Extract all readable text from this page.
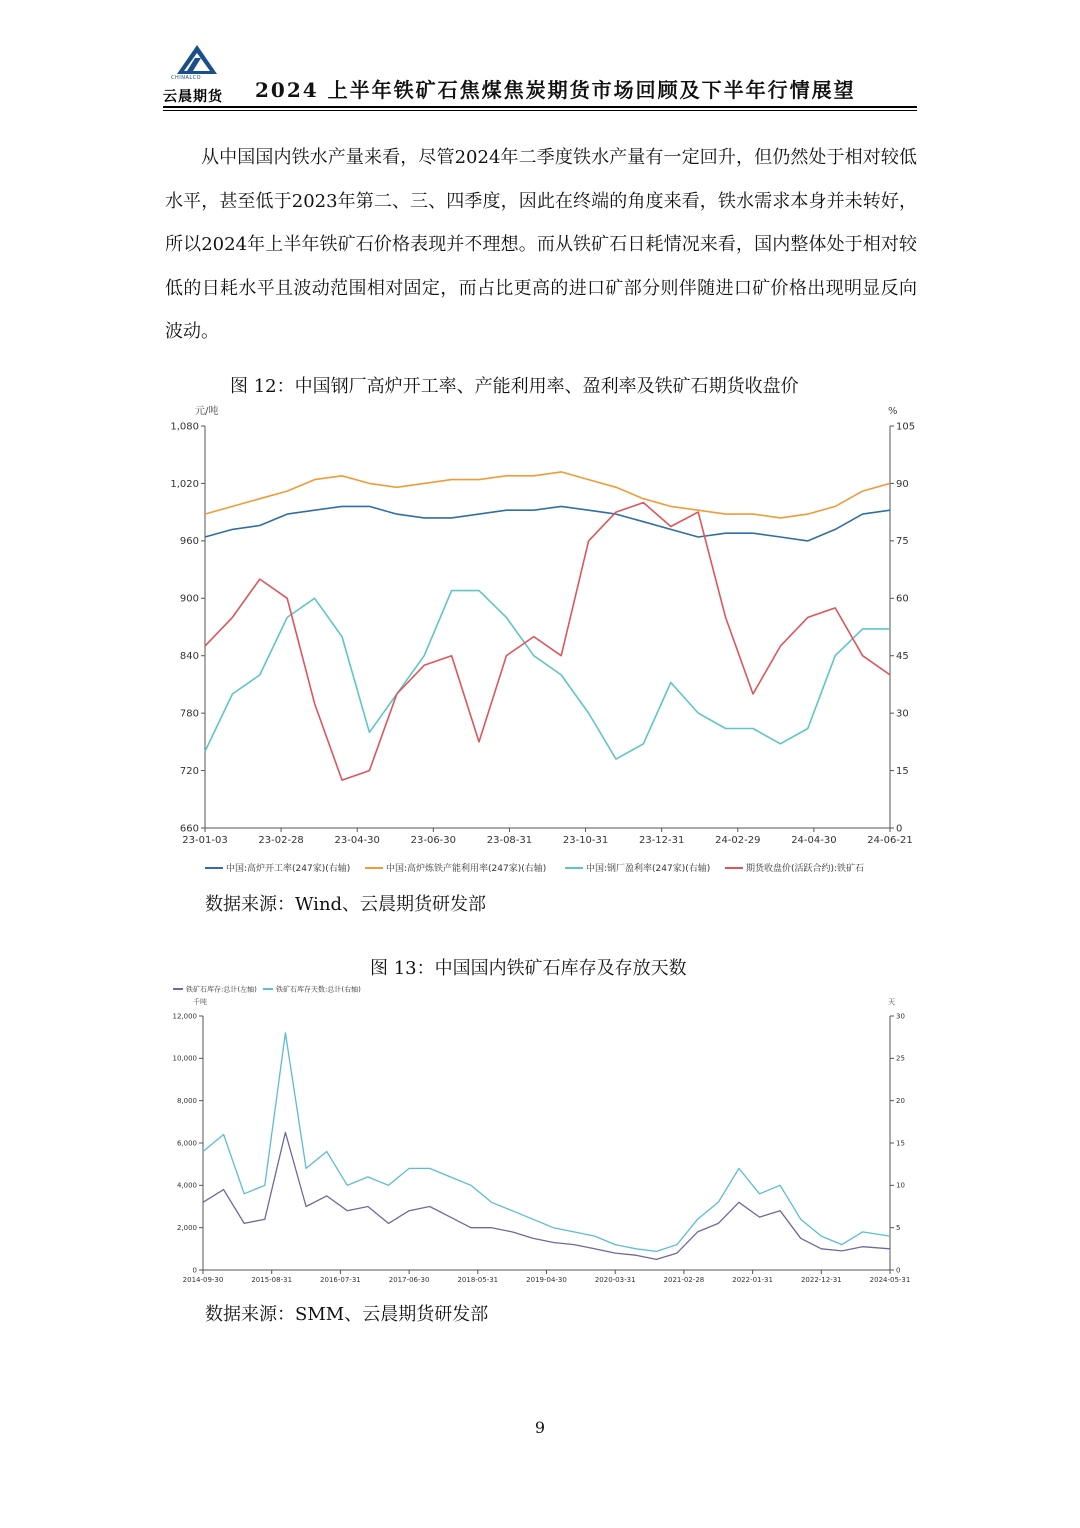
CHINALCO
云晨期货 2024 上半年铁矿石焦煤焦炭期货市场回顾及下半年行情展望

从中国国内铁水产量来看，尽管2024年二季度铁水产量有一定回升，但仍然处于相对较低水平，甚至低于2023年第二、三、四季度，因此在终端的角度来看，铁水需求本身并未转好，所以2024年上半年铁矿石价格表现并不理想。而从铁矿石日耗情况来看，国内整体处于相对较低的日耗水平且波动范围相对固定，而占比更高的进口矿部分则伴随进口矿价格出现明显反向波动。

图 12：中国钢厂高炉开工率、产能利用率、盈利率及铁矿石期货收盘价
元/吨	%
1,080
1,020
960
900
840
780
720
660
105
90
75
60
45
30
15
0
23-01-03	23-02-28	23-04-30	23-06-30	23-08-31	23-10-31	23-12-31	24-02-29	24-04-30	24-06-21
中国:高炉开工率(247家)(右轴)	中国:高炉炼铁产能利用率(247家)(右轴)	中国:钢厂盈利率(247家)(右轴)	期货收盘价(活跃合约):铁矿石
数据来源：Wind、云晨期货研发部
图 13：中国国内铁矿石库存及存放天数
千吨	天
12,000
10,000
8,000
6,000
4,000
2,000
0
30
25
20
15
10
5
0
2014-09-30	2015-08-31	2016-07-31	2017-06-30	2018-05-31	2019-04-30	2020-03-31	2021-02-28	2022-01-31	2022-12-31	2024-05-31
铁矿石库存:总计(左轴)	铁矿石库存天数:总计(右轴)
数据来源：SMM、云晨期货研发部
9
